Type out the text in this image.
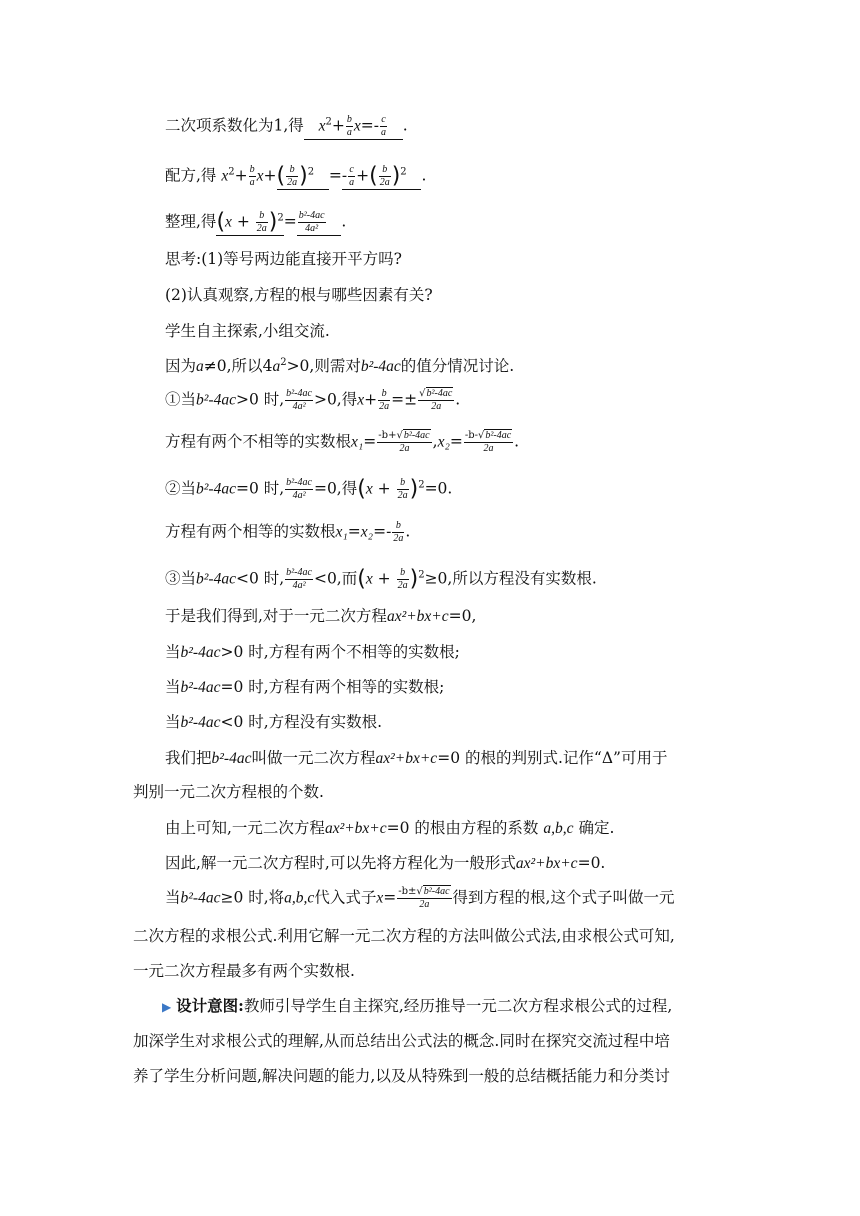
二次项系数化为1,得 $x^2+ \frac{b}{a} x=- \frac{c}{a}$ .
配方,得 $x^2+ \frac{b}{a} x+( \frac{b}{2a} )^2 =- \frac{c}{a}$ +( $\frac{b}{2a} )^2$ .
整理,得$(x + \frac{b}{2a} )^2= \frac{\text{b²-4ac}}{\text{4a²}}$ .
思考:(1)等号两边能直接开平方吗?
(2)认真观察,方程的根与哪些因素有关?
学生自主探索,小组交流.
因为a≠0,所以$4a^2>0$,则需对b²-4ac的值分情况讨论.
①当b²-4ac>0 时, $\frac{\text{b²-4ac}}{\text{4a²}} >0$,得$x+ \frac{b}{2a} =\pm \frac{\text{√b²-4ac}}{2a}$ .
方程有两个不相等的实数根$x_1= \frac{\text{-b+√b²-4ac}}{2a} ,x_2= \frac{\text{-b-√b²-4ac}}{2a}$ .
②当b²-4ac=0 时, $\frac{\text{b²-4ac}}{\text{4a²}} =0$,得$(x + \frac{b}{2a} )^2=0$.
方程有两个相等的实数根$x_1=x_2=- \frac{b}{2a}$ .
③当b²-4ac<0 时, $\frac{\text{b²-4ac}}{\text{4a²}} <0$,而$(x + \frac{b}{2a} )^2\ge 0$,所以方程没有实数根.
于是我们得到,对于一元二次方程ax²+bx+c=0,
当b²-4ac>0 时,方程有两个不相等的实数根;
当b²-4ac=0 时,方程有两个相等的实数根;
当b²-4ac<0 时,方程没有实数根.
我们把b²-4ac叫做一元二次方程ax²+bx+c=0 的根的判别式.记作“Δ”可用于
判别一元二次方程根的个数.
由上可知,一元二次方程ax²+bx+c=0 的根由方程的系数 a,b,c 确定.
因此,解一元二次方程时,可以先将方程化为一般形式ax²+bx+c=0.
当b²-4ac≥0 时,将a,b,c代入式子$x= \frac{\text{-b±√b²-4ac}}{2a}$ 得到方程的根,这个式子叫做一元
二次方程的求根公式.利用它解一元二次方程的方法叫做公式法,由求根公式可知,
一元二次方程最多有两个实数根.
▶ 设计意图:教师引导学生自主探究,经历推导一元二次方程求根公式的过程,
加深学生对求根公式的理解,从而总结出公式法的概念.同时在探究交流过程中培
养了学生分析问题,解决问题的能力,以及从特殊到一般的总结概括能力和分类讨
